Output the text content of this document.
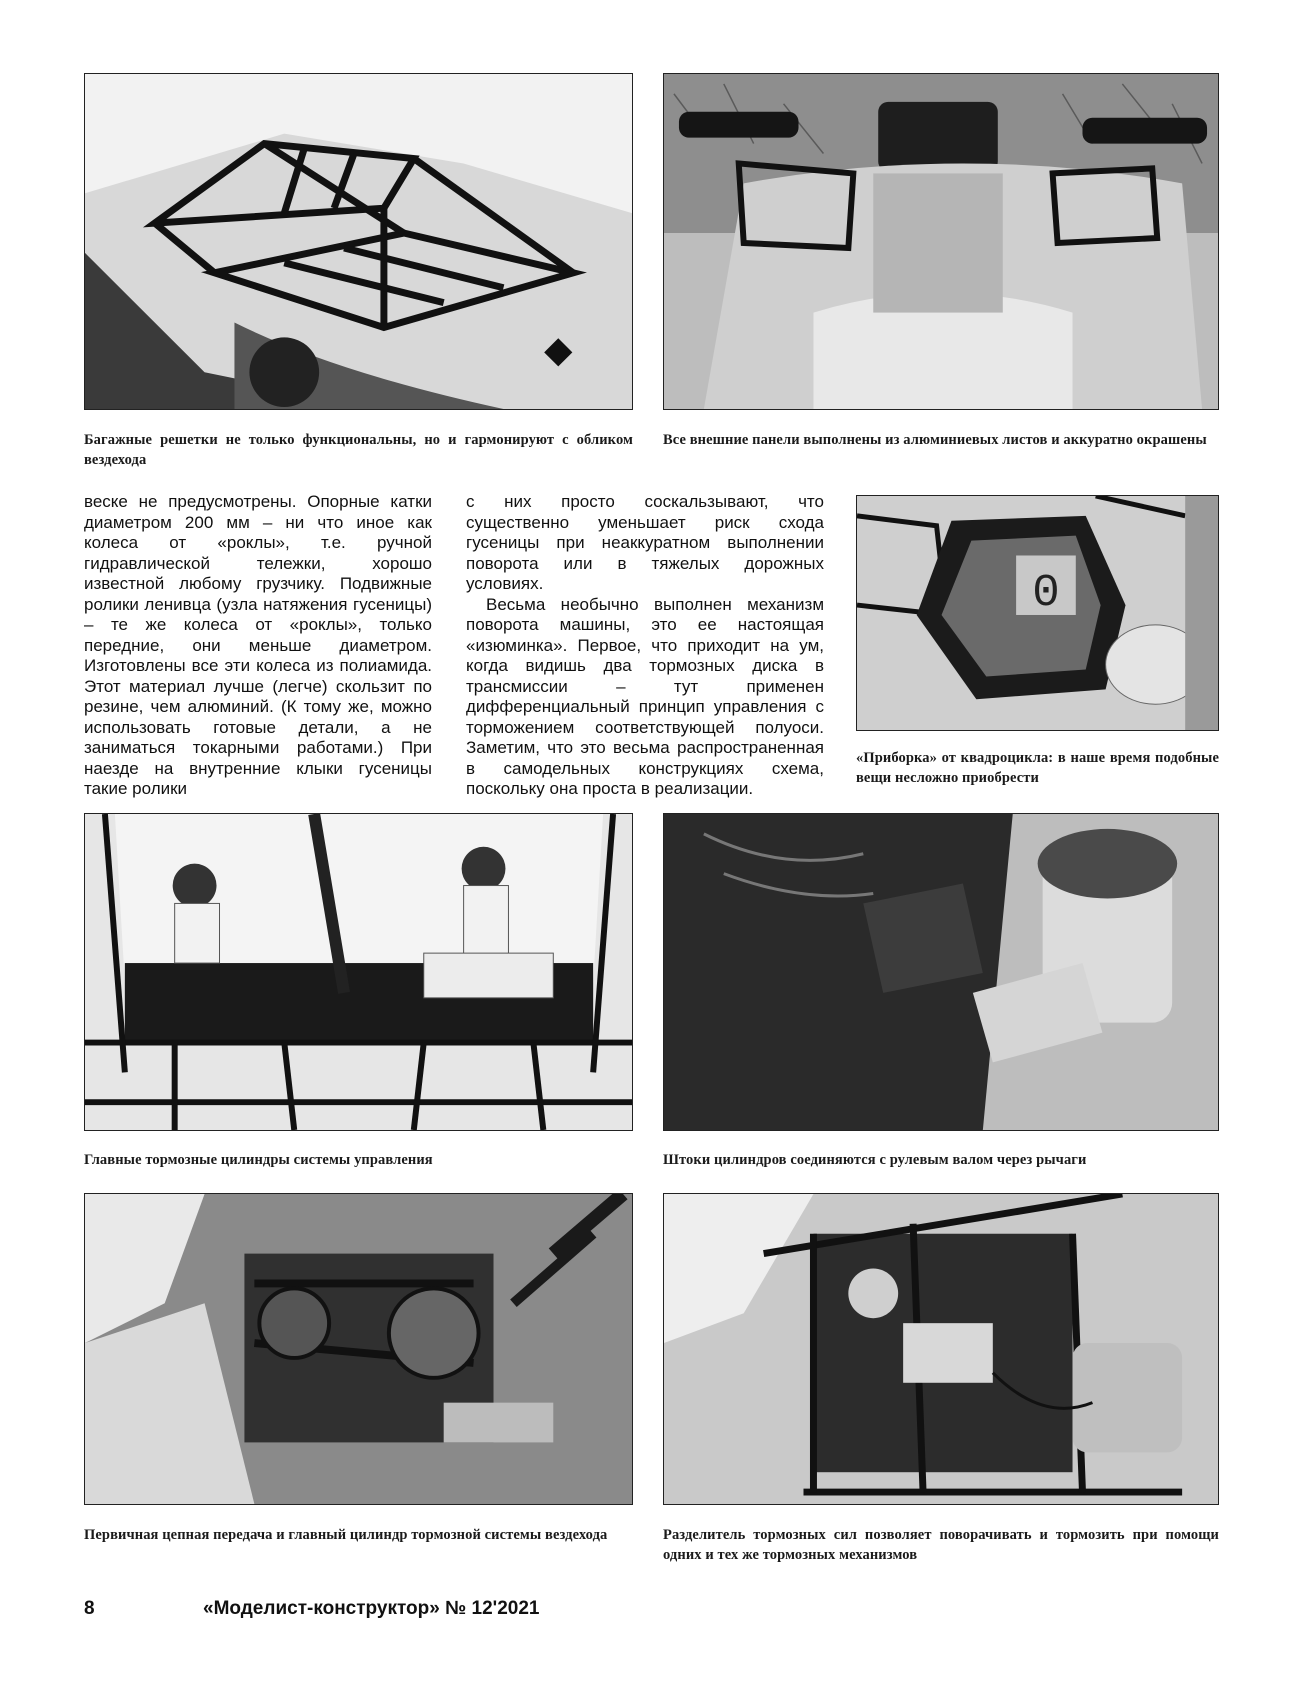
Багажные решетки не только функциональны, но и гармонируют с обликом вездехода

Все внешние панели выполнены из алюминиевых листов и аккуратно окрашены

веске не предусмотрены. Опорные катки диаметром 200 мм – ни что иное как колеса от «роклы», т.е. ручной гидравлической тележки, хорошо известной любому грузчику. Подвижные ролики ленивца (узла натяжения гусеницы) – те же колеса от «роклы», только передние, они меньше диаметром. Изготовлены все эти колеса из полиамида. Этот материал лучше (легче) скользит по резине, чем алюминий. (К тому же, можно использовать готовые детали, а не заниматься токарными работами.) При наезде на внутренние клыки гусеницы такие ролики

с них просто соскальзывают, что существенно уменьшает риск схода гусеницы при неаккуратном выполнении поворота или в тяжелых дорожных условиях.

Весьма необычно выполнен механизм поворота машины, это ее настоящая «изюминка». Первое, что приходит на ум, когда видишь два тормозных диска в трансмиссии – тут применен дифференциальный принцип управления с торможением соответствующей полуоси. Заметим, что это весьма распространенная в самодельных конструкциях схема, поскольку она проста в реализации.

0

«Приборка» от квадроцикла: в наше время подобные вещи несложно приобрести

Главные тормозные цилиндры системы управления	Штоки цилиндров соединяются с рулевым валом через рычаги

Первичная цепная передача и главный цилиндр тормозной системы вездехода	Разделитель тормозных сил позволяет поворачивать и тормозить при помощи одних и тех же тормозных механизмов

8	«Моделист-конструктор» № 12'2021
